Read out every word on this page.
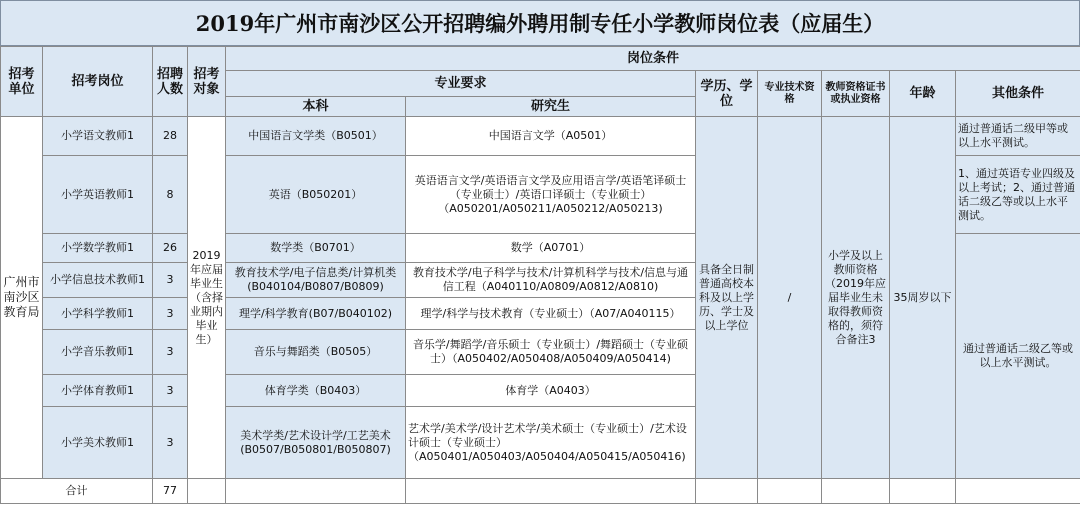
2019年广州市南沙区公开招聘编外聘用制专任小学教师岗位表（应届生）
招考单位	招考岗位	招聘人数	招考对象	岗位条件						
				专业要求		学历、学位	专业技术资格	教师资格证书或执业资格	年龄	其他条件
				本科	研究生					
广州市南沙区教育局	小学语文教师1	28	2019年应届毕业生（含择业期内毕业生）	中国语言文学类（B0501）	中国语言文学（A0501）	具备全日制普通高校本科及以上学历、学士及以上学位	/	小学及以上教师资格（2019年应届毕业生未取得教师资格的，须符合备注3	35周岁以下	通过普通话二级甲等或以上水平测试。
	小学英语教师1	8		英语（B050201）	英语语言文学/英语语言文学及应用语言学/英语笔译硕士（专业硕士）/英语口译硕士（专业硕士）（A050201/A050211/A050212/A050213)					1、通过英语专业四级及以上考试；2、通过普通话二级乙等或以上水平测试。
	小学数学教师1	26		数学类（B0701）	数学（A0701）					通过普通话二级乙等或以上水平测试。
	小学信息技术教师1	3		教育技术学/电子信息类/计算机类(B040104/B0807/B0809)	教育技术学/电子科学与技术/计算机科学与技术/信息与通信工程（A040110/A0809/A0812/A0810)					
	小学科学教师1	3		理学/科学教育(B07/B040102)	理学/科学与技术教育（专业硕士）（A07/A040115）					
	小学音乐教师1	3		音乐与舞蹈类（B0505）	音乐学/舞蹈学/音乐硕士（专业硕士）/舞蹈硕士（专业硕士）（A050402/A050408/A050409/A050414)					
	小学体育教师1	3		体育学类（B0403）	体育学（A0403）					
	小学美术教师1	3		美术学类/艺术设计学/工艺美术(B0507/B050801/B050807)	艺术学/美术学/设计艺术学/美术硕士（专业硕士）/艺术设计硕士（专业硕士）（A050401/A050403/A050404/A050415/A050416)					
合计		77								
